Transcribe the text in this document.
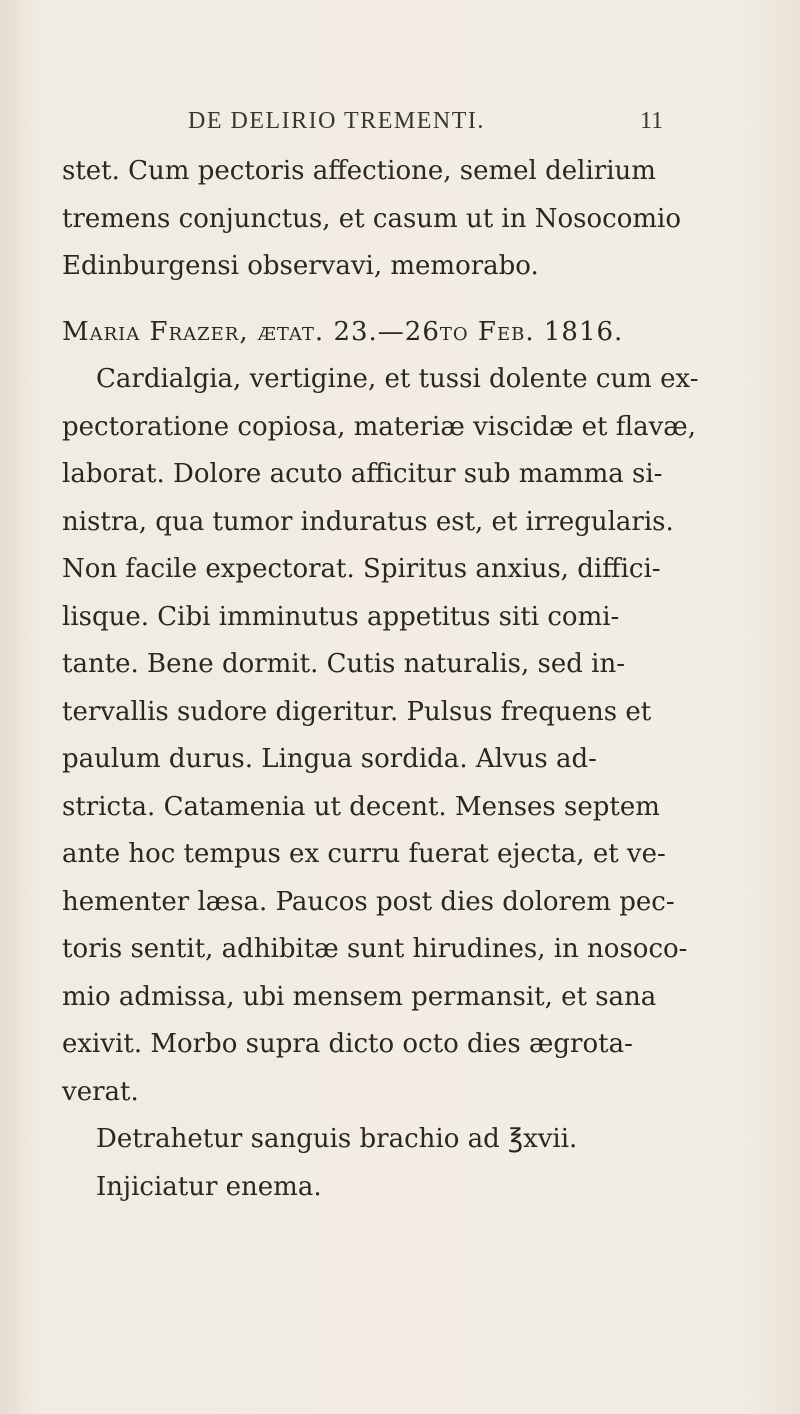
DE DELIRIO TREMENTI.	11
stet. Cum pectoris affectione, semel delirium
tremens conjunctus, et casum ut in Nosocomio
Edinburgensi observavi, memorabo.
Maria Frazer, ætat. 23.—26to Feb. 1816.
Cardialgia, vertigine, et tussi dolente cum ex-
pectoratione copiosa, materiæ viscidæ et flavæ,
laborat. Dolore acuto afficitur sub mamma si-
nistra, qua tumor induratus est, et irregularis.
Non facile expectorat. Spiritus anxius, diffici-
lisque. Cibi imminutus appetitus siti comi-
tante. Bene dormit. Cutis naturalis, sed in-
tervallis sudore digeritur. Pulsus frequens et
paulum durus. Lingua sordida. Alvus ad-
stricta. Catamenia ut decent. Menses septem
ante hoc tempus ex curru fuerat ejecta, et ve-
hementer læsa. Paucos post dies dolorem pec-
toris sentit, adhibitæ sunt hirudines, in nosoco-
mio admissa, ubi mensem permansit, et sana
exivit. Morbo supra dicto octo dies ægrota-
verat.
Detrahetur sanguis brachio ad ℥xvii.
Injiciatur enema.
